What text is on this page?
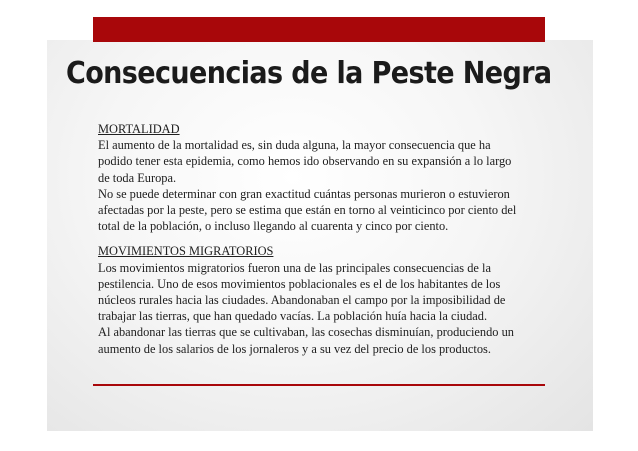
Consecuencias de la Peste Negra
MORTALIDAD
El aumento de la mortalidad es, sin duda alguna, la mayor consecuencia que ha
podido tener esta epidemia, como hemos ido observando en su expansión a lo largo
de toda Europa.
No se puede determinar con gran exactitud cuántas personas murieron o estuvieron
afectadas por la peste, pero se estima que están en torno al veinticinco por ciento del
total de la población, o incluso llegando al cuarenta y cinco por ciento.
MOVIMIENTOS MIGRATORIOS
Los movimientos migratorios fueron una de las principales consecuencias de la
pestilencia. Uno de esos movimientos poblacionales es el de los habitantes de los
núcleos rurales hacia las ciudades. Abandonaban el campo por la imposibilidad de
trabajar las tierras, que han quedado vacías. La población huía hacia la ciudad.
Al abandonar las tierras que se cultivaban, las cosechas disminuían, produciendo un
aumento de los salarios de los jornaleros y a su vez del precio de los productos.
